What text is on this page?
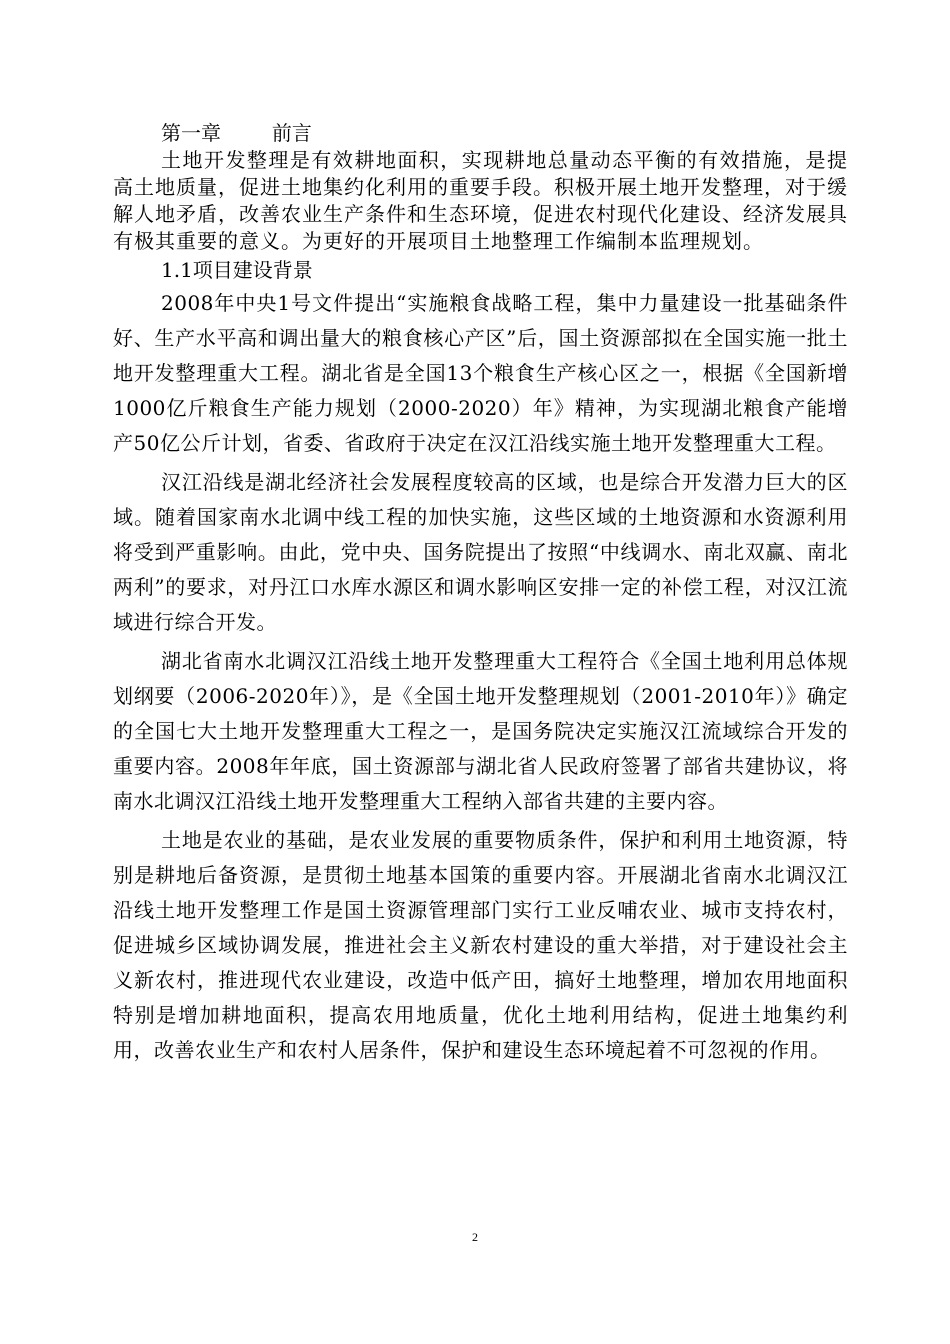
第一章        前言

土地开发整理是有效耕地面积，实现耕地总量动态平衡的有效措施，是提高土地质量，促进土地集约化利用的重要手段。积极开展土地开发整理，对于缓解人地矛盾，改善农业生产条件和生态环境，促进农村现代化建设、经济发展具有极其重要的意义。为更好的开展项目土地整理工作编制本监理规划。

1.1项目建设背景

2008年中央1号文件提出“实施粮食战略工程，集中力量建设一批基础条件好、生产水平高和调出量大的粮食核心产区”后，国土资源部拟在全国实施一批土地开发整理重大工程。湖北省是全国13个粮食生产核心区之一，根据《全国新增1000亿斤粮食生产能力规划（2000-2020）年》精神，为实现湖北粮食产能增产50亿公斤计划，省委、省政府于决定在汉江沿线实施土地开发整理重大工程。

汉江沿线是湖北经济社会发展程度较高的区域，也是综合开发潜力巨大的区域。随着国家南水北调中线工程的加快实施，这些区域的土地资源和水资源利用将受到严重影响。由此，党中央、国务院提出了按照“中线调水、南北双赢、南北两利”的要求，对丹江口水库水源区和调水影响区安排一定的补偿工程，对汉江流域进行综合开发。

湖北省南水北调汉江沿线土地开发整理重大工程符合《全国土地利用总体规划纲要（2006-2020年）》，是《全国土地开发整理规划（2001-2010年）》确定的全国七大土地开发整理重大工程之一，是国务院决定实施汉江流域综合开发的重要内容。2008年年底，国土资源部与湖北省人民政府签署了部省共建协议，将南水北调汉江沿线土地开发整理重大工程纳入部省共建的主要内容。

土地是农业的基础，是农业发展的重要物质条件，保护和利用土地资源，特别是耕地后备资源，是贯彻土地基本国策的重要内容。开展湖北省南水北调汉江沿线土地开发整理工作是国土资源管理部门实行工业反哺农业、城市支持农村，促进城乡区域协调发展，推进社会主义新农村建设的重大举措，对于建设社会主义新农村，推进现代农业建设，改造中低产田，搞好土地整理，增加农用地面积特别是增加耕地面积，提高农用地质量，优化土地利用结构，促进土地集约利用，改善农业生产和农村人居条件，保护和建设生态环境起着不可忽视的作用。

2
